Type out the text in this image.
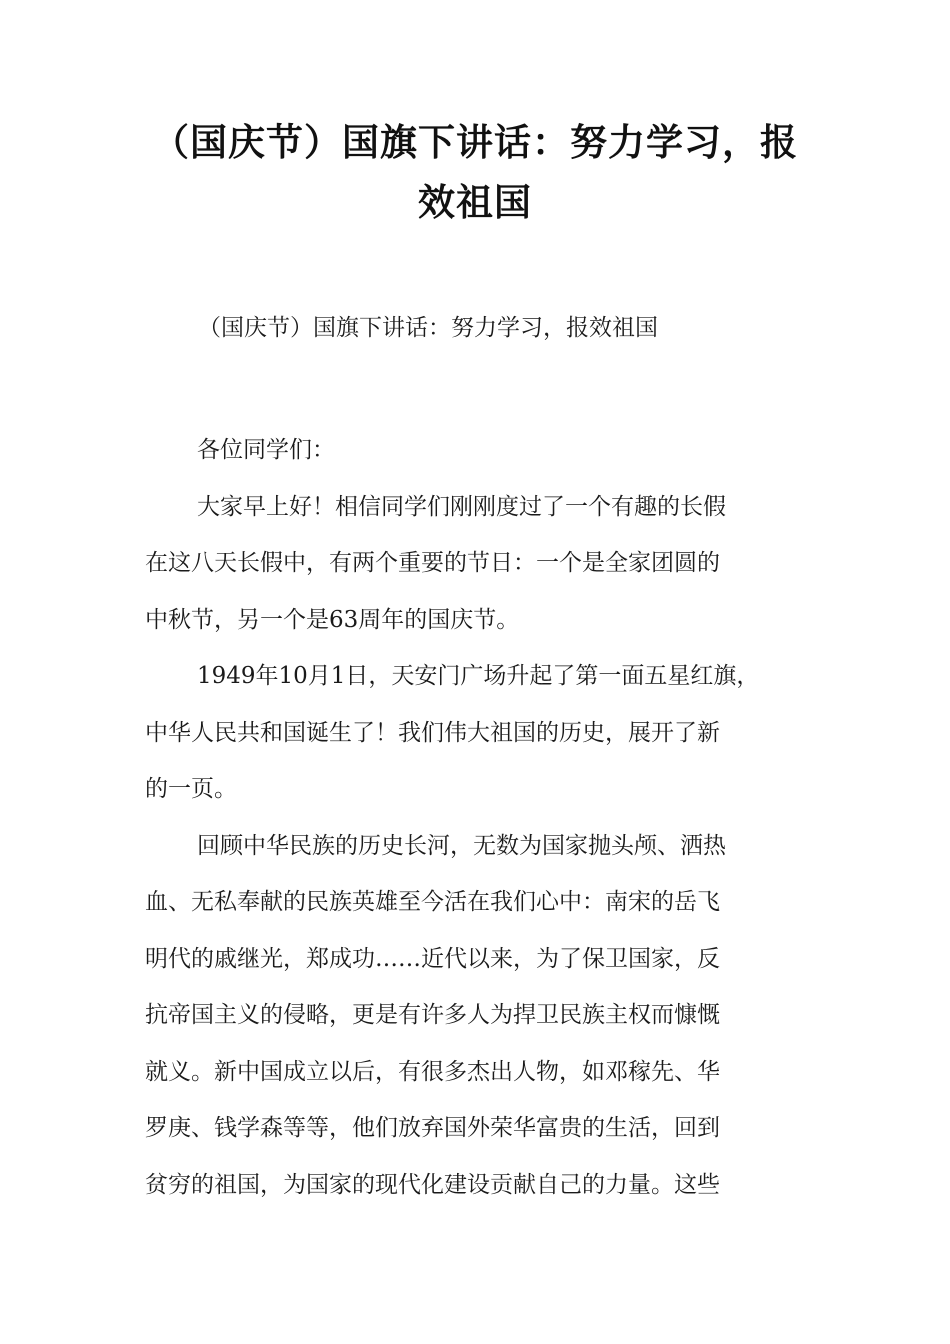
（国庆节）国旗下讲话：努力学习，报
效祖国
（国庆节）国旗下讲话：努力学习，报效祖国

各位同学们：

大家早上好！相信同学们刚刚度过了一个有趣的长假
在这八天长假中，有两个重要的节日：一个是全家团圆的
中秋节，另一个是63周年的国庆节。

1949年10月1日，天安门广场升起了第一面五星红旗，
中华人民共和国诞生了！我们伟大祖国的历史，展开了新
的一页。

回顾中华民族的历史长河，无数为国家抛头颅、洒热
血、无私奉献的民族英雄至今活在我们心中：南宋的岳飞
明代的戚继光，郑成功……近代以来，为了保卫国家，反
抗帝国主义的侵略，更是有许多人为捍卫民族主权而慷慨
就义。新中国成立以后，有很多杰出人物，如邓稼先、华
罗庚、钱学森等等，他们放弃国外荣华富贵的生活，回到
贫穷的祖国，为国家的现代化建设贡献自己的力量。这些
